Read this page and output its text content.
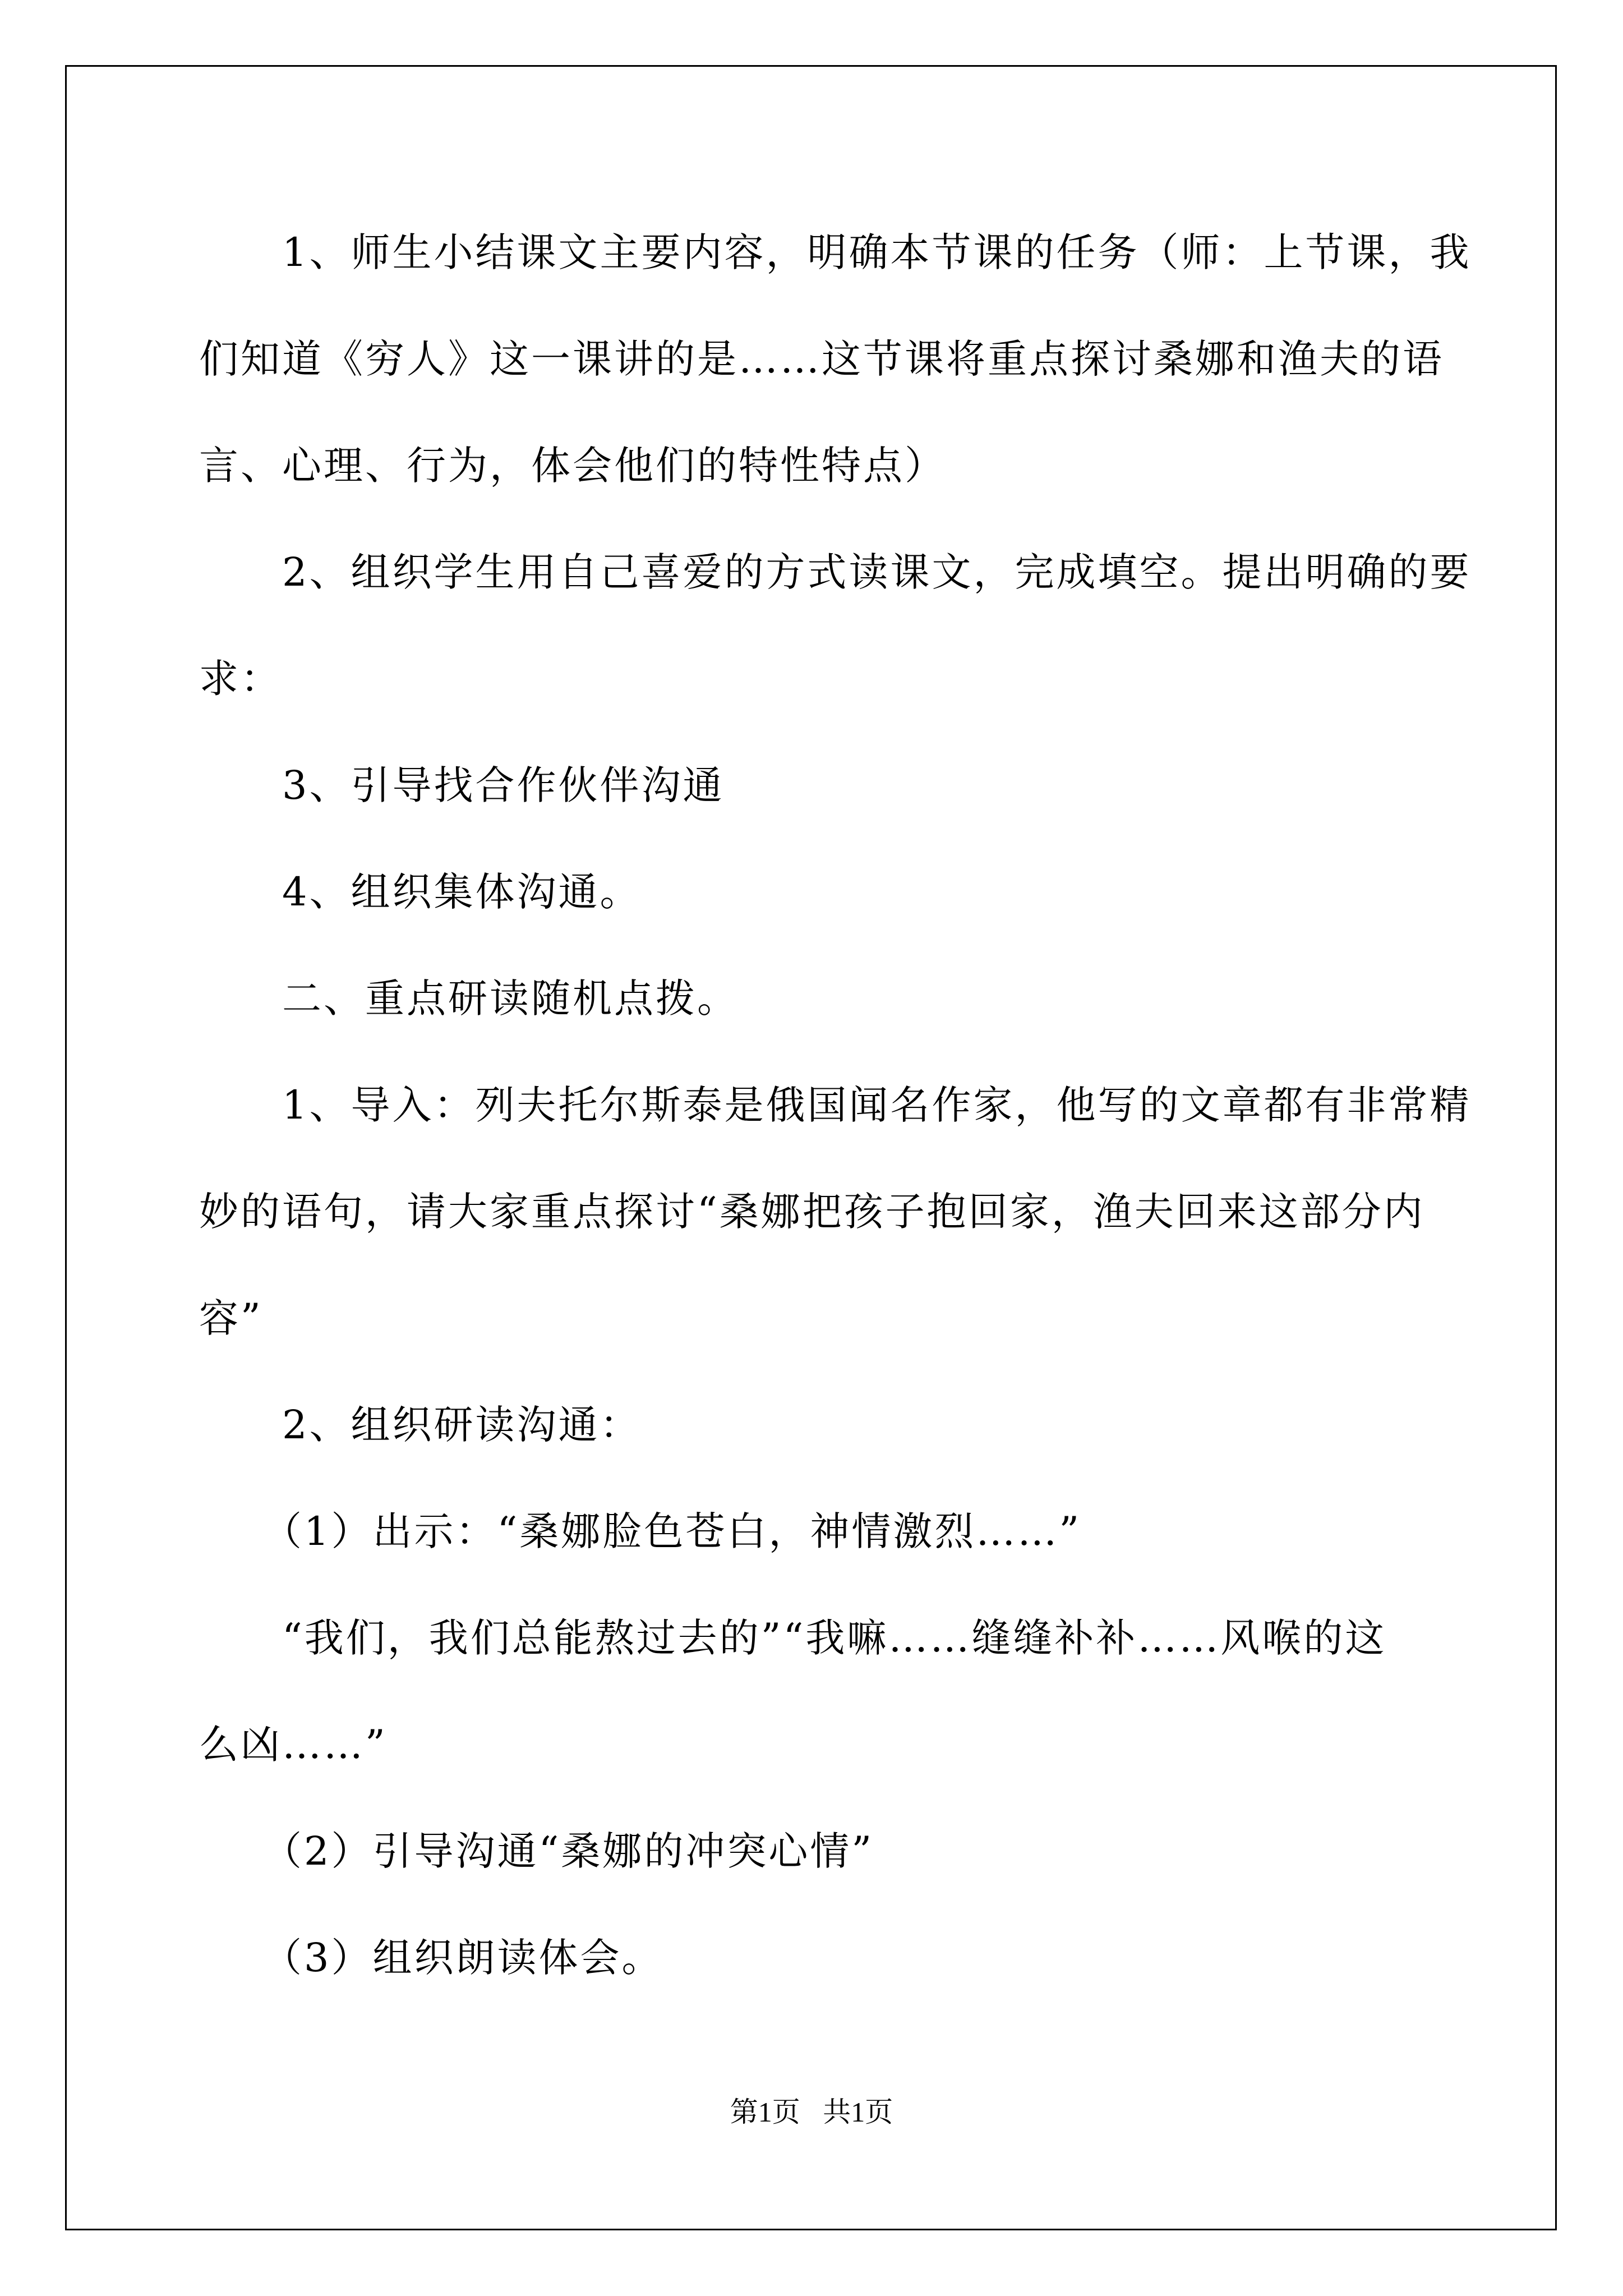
　　1、师生小结课文主要内容，明确本节课的任务（师：上节课，我
们知道《穷人》这一课讲的是……这节课将重点探讨桑娜和渔夫的语
言、心理、行为，体会他们的特性特点）
　　2、组织学生用自己喜爱的方式读课文，完成填空。提出明确的要
求：
　　3、引导找合作伙伴沟通
　　4、组织集体沟通。
　　二、重点研读随机点拨。
　　1、导入：列夫托尔斯泰是俄国闻名作家，他写的文章都有非常精
妙的语句，请大家重点探讨“桑娜把孩子抱回家，渔夫回来这部分内
容”
　　2、组织研读沟通：
　　（1）出示：“桑娜脸色苍白，神情激烈……”
　　“我们，我们总能熬过去的”“我嘛……缝缝补补……风喉的这
么凶……”
　　（2）引导沟通“桑娜的冲突心情”
　　（3）组织朗读体会。
第1页 共1页
